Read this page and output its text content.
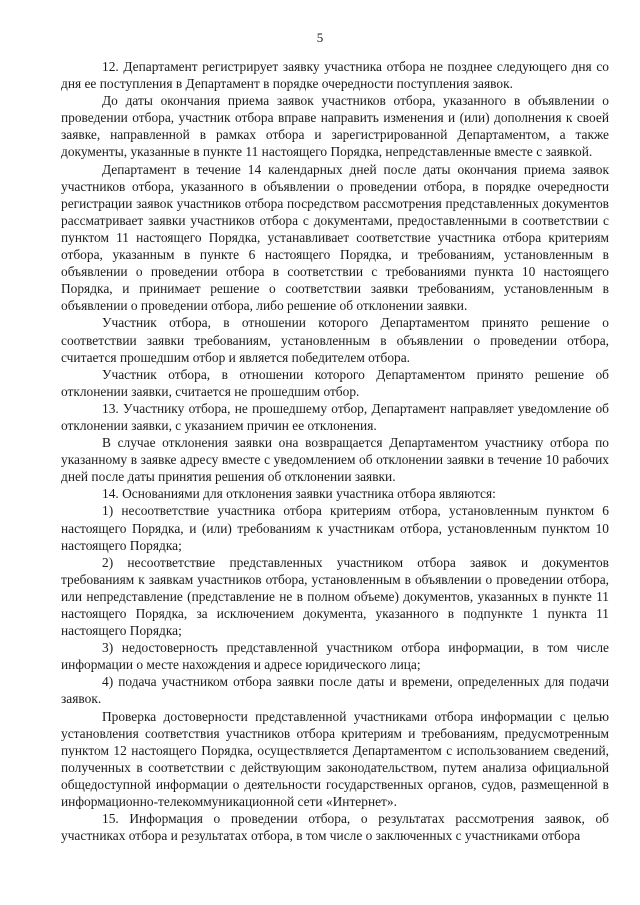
5

12. Департамент регистрирует заявку участника отбора не позднее следующего дня со дня ее поступления в Департамент в порядке очередности поступления заявок.

До даты окончания приема заявок участников отбора, указанного в объявлении о проведении отбора, участник отбора вправе направить изменения и (или) дополнения к своей заявке, направленной в рамках отбора и зарегистрированной Департаментом, а также документы, указанные в пункте 11 настоящего Порядка, непредставленные вместе с заявкой.

Департамент в течение 14 календарных дней после даты окончания приема заявок участников отбора, указанного в объявлении о проведении отбора, в порядке очередности регистрации заявок участников отбора посредством рассмотрения представленных документов рассматривает заявки участников отбора с документами, предоставленными в соответствии с пунктом 11 настоящего Порядка, устанавливает соответствие участника отбора критериям отбора, указанным в пункте 6 настоящего Порядка, и требованиям, установленным в объявлении о проведении отбора в соответствии с требованиями пункта 10 настоящего Порядка, и принимает решение о соответствии заявки требованиям, установленным в объявлении о проведении отбора, либо решение об отклонении заявки.

Участник отбора, в отношении которого Департаментом принято решение о соответствии заявки требованиям, установленным в объявлении о проведении отбора, считается прошедшим отбор и является победителем отбора.

Участник отбора, в отношении которого Департаментом принято решение об отклонении заявки, считается не прошедшим отбор.

13. Участнику отбора, не прошедшему отбор, Департамент направляет уведомление об отклонении заявки, с указанием причин ее отклонения.

В случае отклонения заявки она возвращается Департаментом участнику отбора по указанному в заявке адресу вместе с уведомлением об отклонении заявки в течение 10 рабочих дней после даты принятия решения об отклонении заявки.

14. Основаниями для отклонения заявки участника отбора являются:

1) несоответствие участника отбора критериям отбора, установленным пунктом 6 настоящего Порядка, и (или) требованиям к участникам отбора, установленным пунктом 10 настоящего Порядка;

2) несоответствие представленных участником отбора заявок и документов требованиям к заявкам участников отбора, установленным в объявлении о проведении отбора, или непредставление (представление не в полном объеме) документов, указанных в пункте 11 настоящего Порядка, за исключением документа, указанного в подпункте 1 пункта 11 настоящего Порядка;

3) недостоверность представленной участником отбора информации, в том числе информации о месте нахождения и адресе юридического лица;

4) подача участником отбора заявки после даты и времени, определенных для подачи заявок.

Проверка достоверности представленной участниками отбора информации с целью установления соответствия участников отбора критериям и требованиям, предусмотренным пунктом 12 настоящего Порядка, осуществляется Департаментом с использованием сведений, полученных в соответствии с действующим законодательством, путем анализа официальной общедоступной информации о деятельности государственных органов, судов, размещенной в информационно-телекоммуникационной сети «Интернет».

15. Информация о проведении отбора, о результатах рассмотрения заявок, об участниках отбора и результатах отбора, в том числе о заключенных с участниками отбора
